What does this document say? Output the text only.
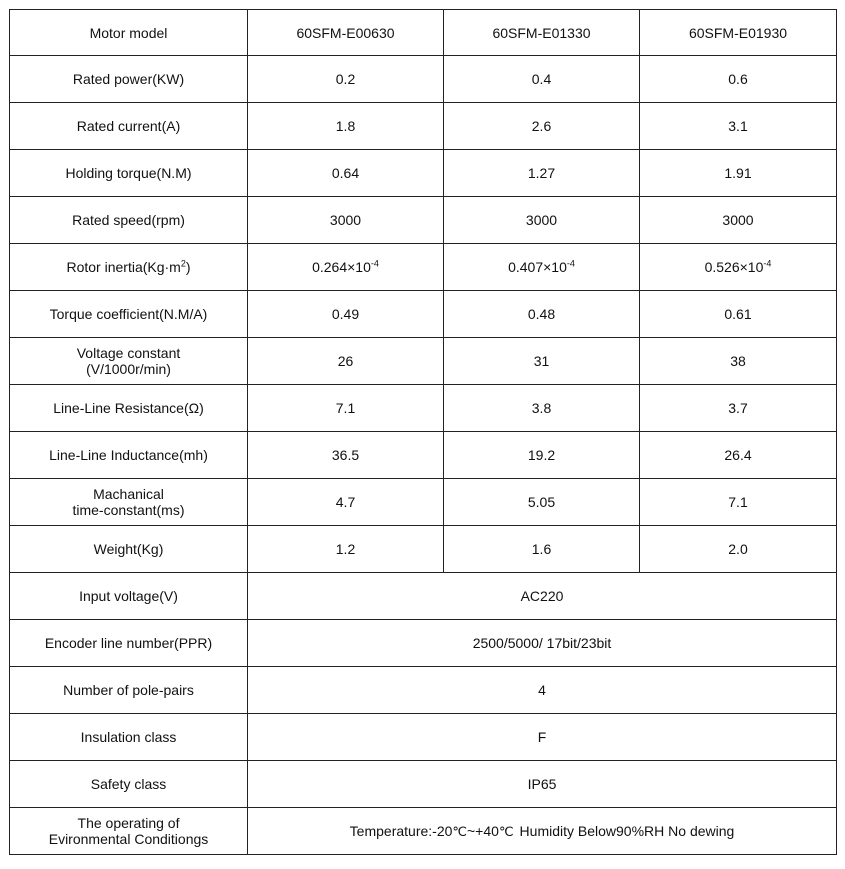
Motor model	60SFM-E00630	60SFM-E01330	60SFM-E01930
Rated power(KW)	0.2	0.4	0.6
Rated current(A)	1.8	2.6	3.1
Holding torque(N.M)	0.64	1.27	1.91
Rated speed(rpm)	3000	3000	3000
Rotor $inertia(Kg\cdot m^2)$	$0.264\times 10^{-4}$	$0.407\times 10^{-4}$	$0.526\times 10^{-4}$
Torque coefficient(N.M/A)	0.49	0.48	0.61
Voltage constant
(V/1000r/min)	26	31	38
Line-Line Resistance(Ω)	7.1	3.8	3.7
Line-Line Inductance(mh)	36.5	19.2	26.4
Machanical
time-constant(ms)	4.7	5.05	7.1
Weight(Kg)	1.2	1.6	2.0
Input voltage(V)	AC220		
Encoder line number(PPR)	2500/5000/ 17bit/23bit		
Number of pole-pairs	4		
Insulation class	F		
Safety class	IP65		
The operating of
Evironmental Conditiongs	Temperature:-20℃~+40℃ Humidity Below90%RH No dewing		
